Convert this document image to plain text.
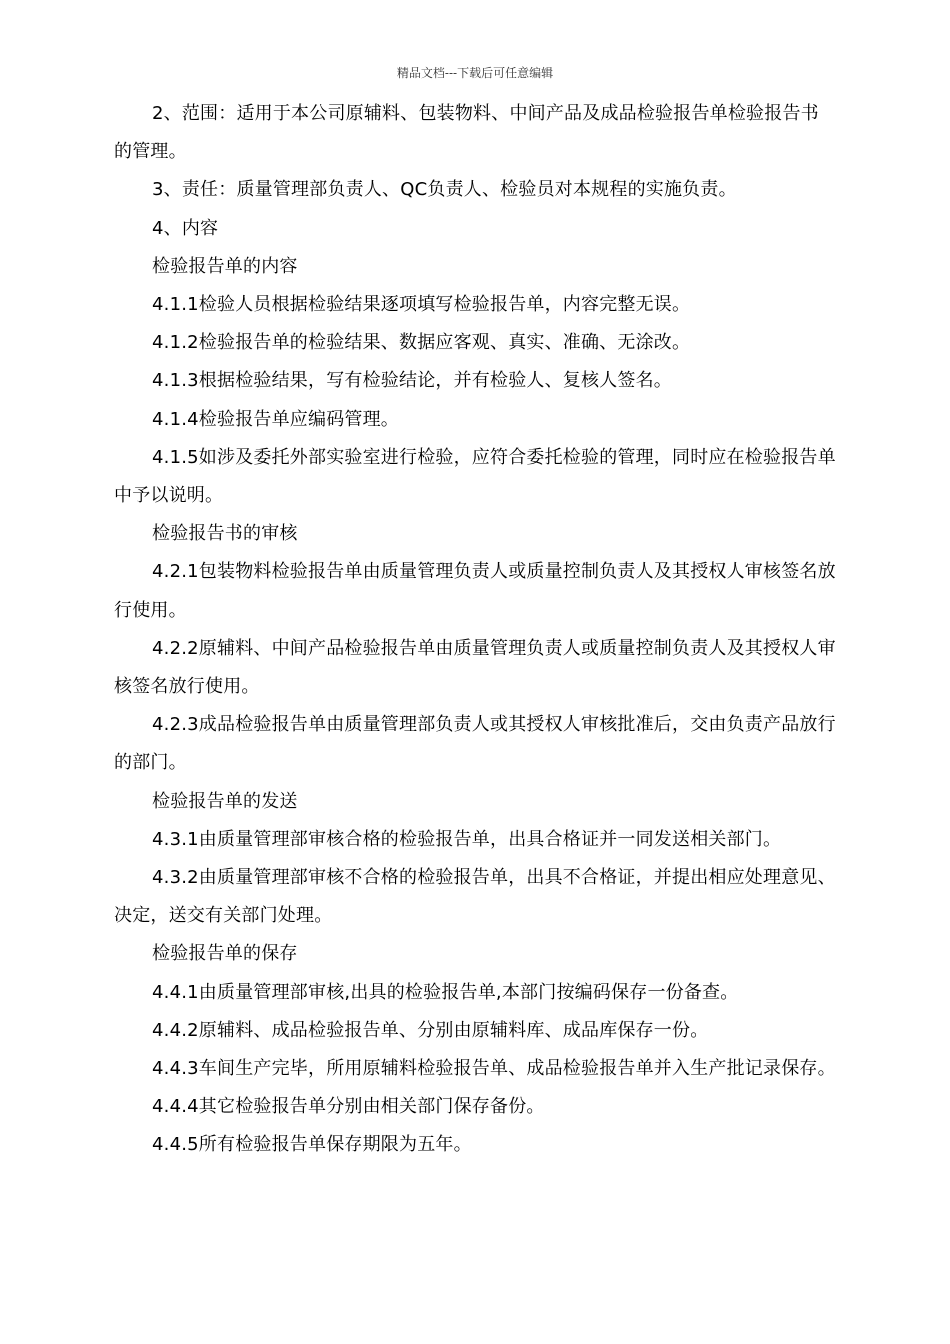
精品文档---下载后可任意编辑

2、范围：适用于本公司原辅料、包装物料、中间产品及成品检验报告单检验报告书的管理。

3、责任：质量管理部负责人、QC负责人、检验员对本规程的实施负责。

4、内容

检验报告单的内容

4.1.1检验人员根据检验结果逐项填写检验报告单，内容完整无误。

4.1.2检验报告单的检验结果、数据应客观、真实、准确、无涂改。

4.1.3根据检验结果，写有检验结论，并有检验人、复核人签名。

4.1.4检验报告单应编码管理。

4.1.5如涉及委托外部实验室进行检验，应符合委托检验的管理，同时应在检验报告单中予以说明。

检验报告书的审核

4.2.1包装物料检验报告单由质量管理负责人或质量控制负责人及其授权人审核签名放行使用。

4.2.2原辅料、中间产品检验报告单由质量管理负责人或质量控制负责人及其授权人审核签名放行使用。

4.2.3成品检验报告单由质量管理部负责人或其授权人审核批准后，交由负责产品放行的部门。

检验报告单的发送

4.3.1由质量管理部审核合格的检验报告单，出具合格证并一同发送相关部门。

4.3.2由质量管理部审核不合格的检验报告单，出具不合格证，并提出相应处理意见、决定，送交有关部门处理。

检验报告单的保存

4.4.1由质量管理部审核,出具的检验报告单,本部门按编码保存一份备查。

4.4.2原辅料、成品检验报告单、分别由原辅料库、成品库保存一份。

4.4.3车间生产完毕，所用原辅料检验报告单、成品检验报告单并入生产批记录保存。

4.4.4其它检验报告单分别由相关部门保存备份。

4.4.5所有检验报告单保存期限为五年。
